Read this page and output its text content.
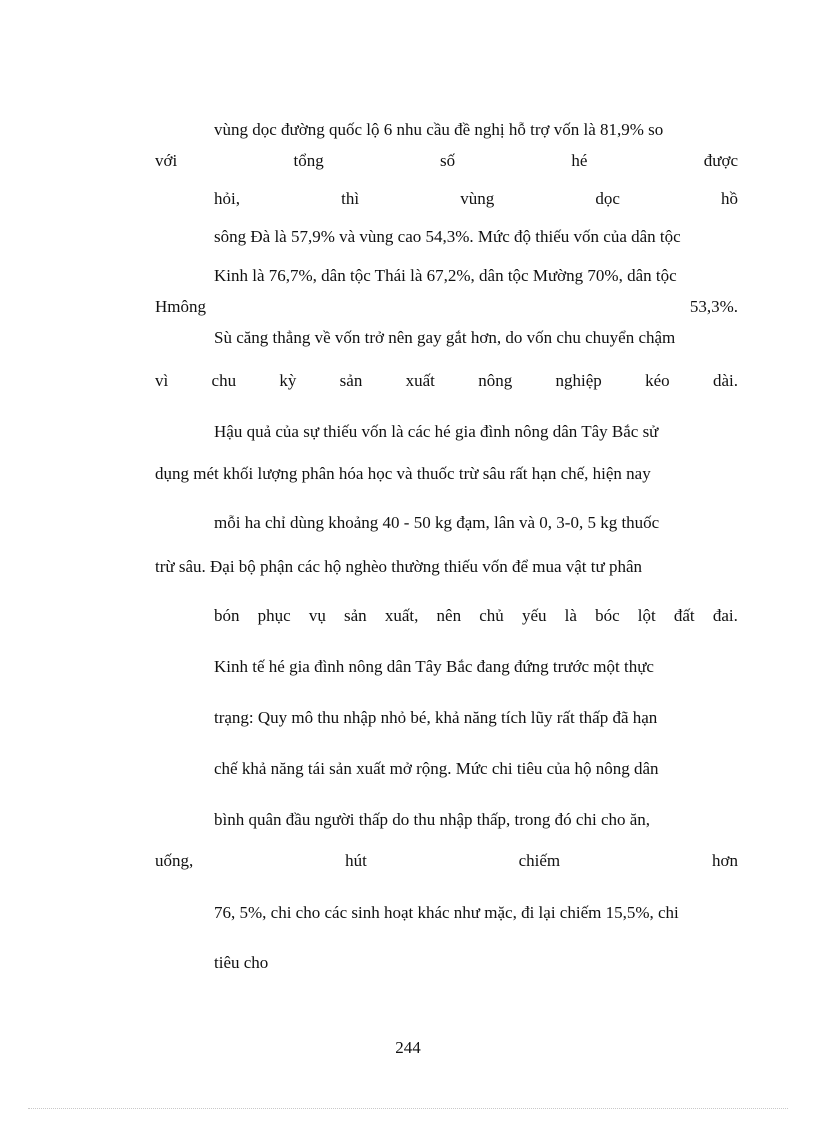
vùng dọc đường quốc lộ 6 nhu cầu đề nghị hỗ trợ vốn là 81,9% so
với	tổng	số	hé	được
hỏi,	thì	vùng	dọc	hồ
sông Đà là 57,9% và vùng cao 54,3%. Mức độ thiếu vốn của dân tộc
Kinh là 76,7%, dân tộc Thái là 67,2%, dân tộc Mường 70%, dân tộc
Hmông	53,3%.
Sù căng thẳng về vốn trở nên gay gắt hơn, do vốn chu chuyển chậm
vì	chu	kỳ	sản	xuất	nông	nghiệp	kéo	dài.
Hậu quả của sự thiếu vốn là các hé gia đình nông dân Tây Bắc sử
dụng mét khối lượng phân hóa học và thuốc trừ sâu rất hạn chế, hiện nay
mỗi ha chỉ dùng khoảng 40 - 50 kg đạm, lân và 0, 3-0, 5 kg thuốc
trừ sâu. Đại bộ phận các hộ nghèo thường thiếu vốn để mua vật tư phân
bón phục vụ sản xuất, nên chủ yếu là bóc lột đất đai.
Kinh tế hé gia đình nông dân Tây Bắc đang đứng trước một thực
trạng: Quy mô thu nhập nhỏ bé, khả năng tích lũy rất thấp đã hạn
chế khả năng tái sản xuất mở rộng. Mức chi tiêu của hộ nông dân
bình quân đầu người thấp do thu nhập thấp, trong đó chi cho ăn,
uống,	hút	chiếm	hơn
76, 5%, chi cho các sinh hoạt khác như mặc, đi lại chiếm 15,5%, chi
tiêu cho
244
